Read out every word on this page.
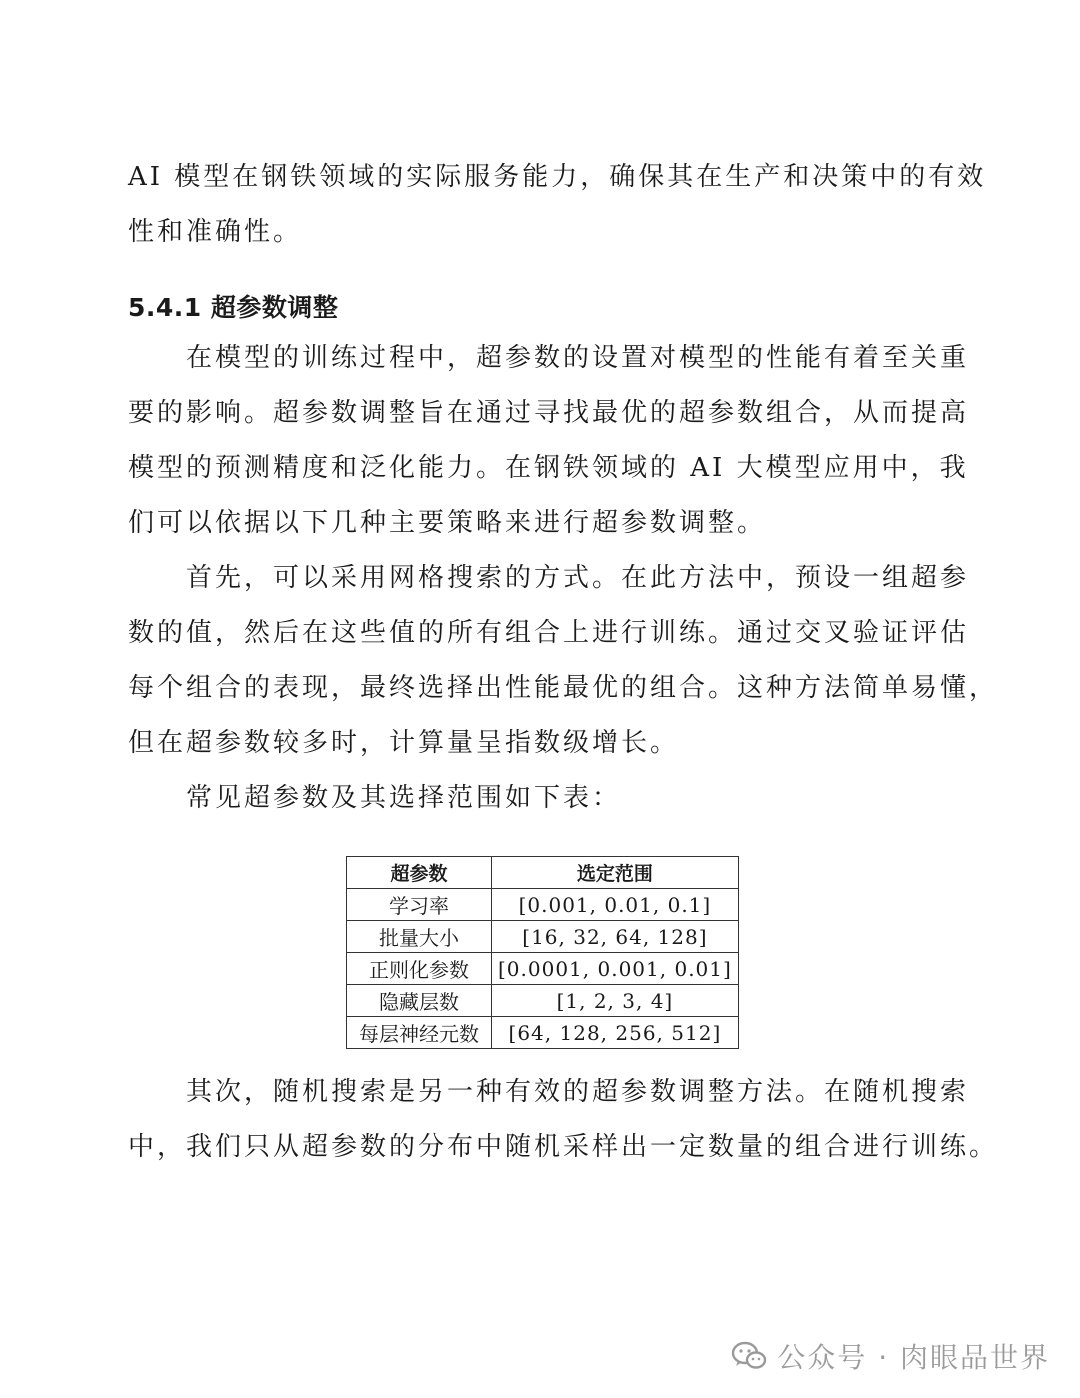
AI 模型在钢铁领域的实际服务能力，确保其在生产和决策中的有效
性和准确性。

5.4.1 超参数调整

　　在模型的训练过程中，超参数的设置对模型的性能有着至关重
要的影响。超参数调整旨在通过寻找最优的超参数组合，从而提高
模型的预测精度和泛化能力。在钢铁领域的 AI 大模型应用中，我
们可以依据以下几种主要策略来进行超参数调整。

　　首先，可以采用网格搜索的方式。在此方法中，预设一组超参
数的值，然后在这些值的所有组合上进行训练。通过交叉验证评估
每个组合的表现，最终选择出性能最优的组合。这种方法简单易懂，
但在超参数较多时，计算量呈指数级增长。

　　常见超参数及其选择范围如下表：

超参数	选定范围
学习率	[0.001, 0.01, 0.1]
批量大小	[16, 32, 64, 128]
正则化参数	[0.0001, 0.001, 0.01]
隐藏层数	[1, 2, 3, 4]
每层神经元数	[64, 128, 256, 512]

　　其次，随机搜索是另一种有效的超参数调整方法。在随机搜索
中，我们只从超参数的分布中随机采样出一定数量的组合进行训练。

公众号 · 肉眼品世界
